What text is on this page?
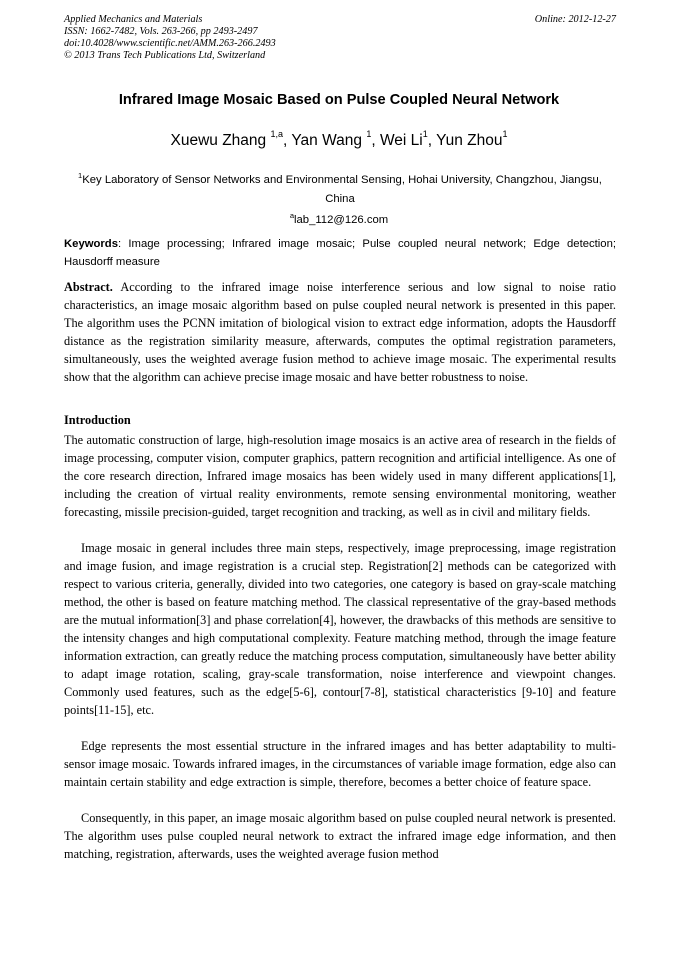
Applied Mechanics and Materials
ISSN: 1662-7482, Vols. 263-266, pp 2493-2497
doi:10.4028/www.scientific.net/AMM.263-266.2493
© 2013 Trans Tech Publications Ltd, Switzerland
Online: 2012-12-27
Infrared Image Mosaic Based on Pulse Coupled Neural Network
Xuewu Zhang $^{1,a}$, Yan Wang $^1$, Wei Li$^1$, Yun Zhou$^1$
$^1$Key Laboratory of Sensor Networks and Environmental Sensing, Hohai University, Changzhou, Jiangsu, China
$^a$lab_112@126.com
Keywords: Image processing; Infrared image mosaic; Pulse coupled neural network; Edge detection; Hausdorff measure
Abstract. According to the infrared image noise interference serious and low signal to noise ratio characteristics, an image mosaic algorithm based on pulse coupled neural network is presented in this paper. The algorithm uses the PCNN imitation of biological vision to extract edge information, adopts the Hausdorff distance as the registration similarity measure, afterwards, computes the optimal registration parameters, simultaneously, uses the weighted average fusion method to achieve image mosaic. The experimental results show that the algorithm can achieve precise image mosaic and have better robustness to noise.
Introduction
The automatic construction of large, high-resolution image mosaics is an active area of research in the fields of image processing, computer vision, computer graphics, pattern recognition and artificial intelligence. As one of the core research direction, Infrared image mosaics has been widely used in many different applications[1], including the creation of virtual reality environments, remote sensing environmental monitoring, weather forecasting, missile precision-guided, target recognition and tracking, as well as in civil and military fields.
Image mosaic in general includes three main steps, respectively, image preprocessing, image registration and image fusion, and image registration is a crucial step. Registration[2] methods can be categorized with respect to various criteria, generally, divided into two categories, one category is based on gray-scale matching method, the other is based on feature matching method. The classical representative of the gray-based methods are the mutual information[3] and phase correlation[4], however, the drawbacks of this methods are sensitive to the intensity changes and high computational complexity. Feature matching method, through the image feature information extraction, can greatly reduce the matching process computation, simultaneously have better ability to adapt image rotation, scaling, gray-scale transformation, noise interference and viewpoint changes. Commonly used features, such as the edge[5-6], contour[7-8], statistical characteristics [9-10] and feature points[11-15], etc.
Edge represents the most essential structure in the infrared images and has better adaptability to multi-sensor image mosaic. Towards infrared images, in the circumstances of variable image formation, edge also can maintain certain stability and edge extraction is simple, therefore, becomes a better choice of feature space.
Consequently, in this paper, an image mosaic algorithm based on pulse coupled neural network is presented. The algorithm uses pulse coupled neural network to extract the infrared image edge information, and then matching, registration, afterwards, uses the weighted average fusion method
